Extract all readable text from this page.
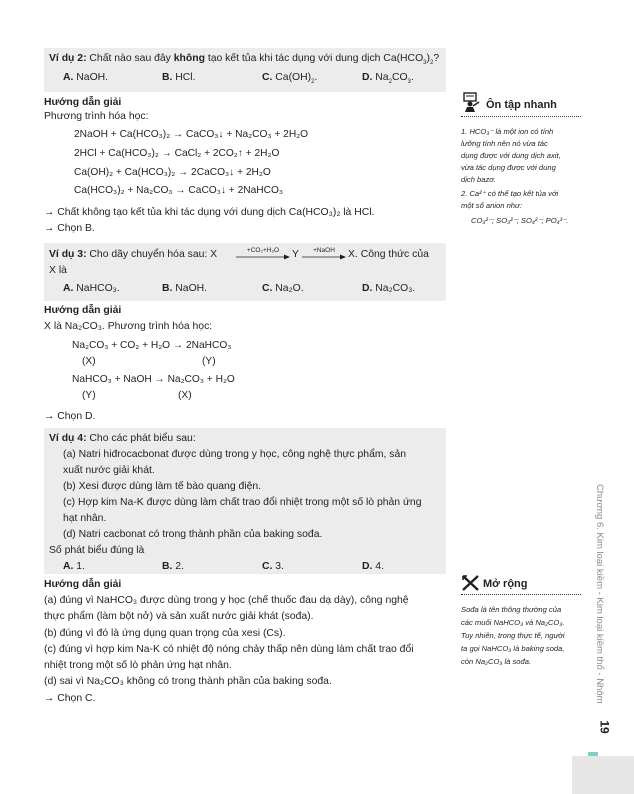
Ví dụ 2: Chất nào sau đây không tạo kết tủa khi tác dụng với dung dịch $Ca(HCO_3)_2$?
A. NaOH.	B. HCl.	C. $Ca(OH)_2$.	D. $Na_2CO_3$.
Hướng dẫn giải
Phương trình hóa học:
2NaOH + Ca(HCO₃)₂ → CaCO₃↓ + Na₂CO₃ + 2H₂O
2HCl + Ca(HCO₃)₂ → CaCl₂ + 2CO₂↑ + 2H₂O
Ca(OH)₂ + Ca(HCO₃)₂ → 2CaCO₃↓ + 2H₂O
Ca(HCO₃)₂ + Na₂CO₃ → CaCO₃↓ + 2NaHCO₃
→ Chất không tạo kết tủa khi tác dụng với dung dịch Ca(HCO₃)₂ là HCl.
→ Chọn B.
Ví dụ 3: Cho dãy chuyển hóa sau: X	+CO₂+H₂O	Y	+NaOH	X. Công thức của
X là
A. NaHCO₃.	B. NaOH.	C. Na₂O.	D. Na₂CO₃.
Hướng dẫn giải
X là Na₂CO₃. Phương trình hóa học:
Na₂CO₃ + CO₂ + H₂O → 2NaHCO₃
(X)	(Y)
NaHCO₃ + NaOH → Na₂CO₃ + H₂O
(Y)	(X)
→ Chọn D.
Ví dụ 4: Cho các phát biểu sau:
(a) Natri hiđrocacbonat được dùng trong y học, công nghệ thực phẩm, sản
xuất nước giải khát.
(b) Xesi được dùng làm tế bào quang điện.
(c) Hợp kim Na-K được dùng làm chất trao đổi nhiệt trong một số lò phản ứng
hạt nhân.
(d) Natri cacbonat có trong thành phần của baking sođa.
Số phát biểu đúng là
A. 1.	B. 2.	C. 3.	D. 4.
Hướng dẫn giải
(a) đúng vì NaHCO₃ được dùng trong y học (chế thuốc đau dạ dày), công nghệ
thực phẩm (làm bột nở) và sản xuất nước giải khát (sođa).
(b) đúng vì đó là ứng dụng quan trọng của xesi (Cs).
(c) đúng vì hợp kim Na-K có nhiệt độ nóng chảy thấp nên dùng làm chất trao đổi
nhiệt trong một số lò phản ứng hạt nhân.
(d) sai vì Na₂CO₃ không có trong thành phần của baking sođa.
→ Chọn C.
Ôn tập nhanh
1. HCO₃⁻ là một ion có tính
lưỡng tính nên nó vừa tác
dụng được với dung dịch axit,
vừa tác dụng được với dung
dịch bazơ.
2. Ca²⁺ có thể tạo kết tủa với
một số anion như:
CO₃²⁻; SO₃²⁻; SO₄²⁻; PO₄³⁻.
Mở rộng
Sođa là tên thông thường của
các muối NaHCO₃ và Na₂CO₃.
Tuy nhiên, trong thực tế, người
ta gọi NaHCO₃ là baking soda,
còn Na₂CO₃ là sođa.	Chương 6. Kim loại kiềm - Kim loại kiềm thổ - Nhôm
19
